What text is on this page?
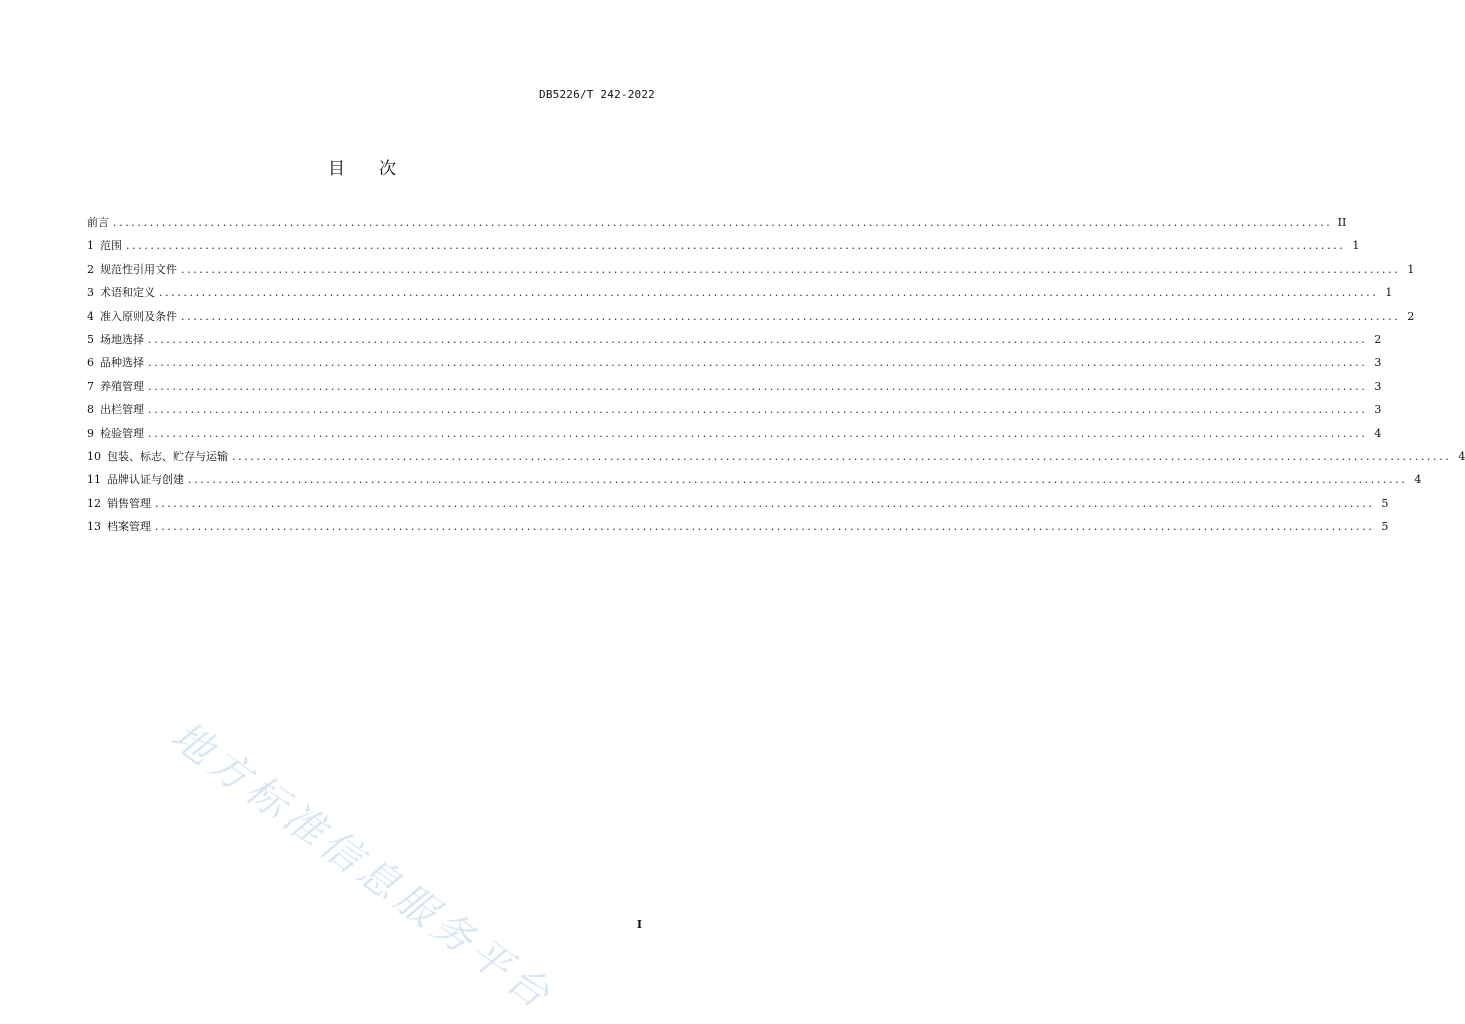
DB5226/T 242-2022
目次
前言 ........................................................................................................................................................................................................ II
1 范围 ........................................................................................................................................................................................................ 1
2 规范性引用文件 ........................................................................................................................................................................................................ 1
3 术语和定义 ........................................................................................................................................................................................................ 1
4 准入原则及条件 ........................................................................................................................................................................................................ 2
5 场地选择 ........................................................................................................................................................................................................ 2
6 品种选择 ........................................................................................................................................................................................................ 3
7 养殖管理 ........................................................................................................................................................................................................ 3
8 出栏管理 ........................................................................................................................................................................................................ 3
9 检验管理 ........................................................................................................................................................................................................ 4
10 包装、标志、贮存与运输 ........................................................................................................................................................................................................ 4
11 品牌认证与创建 ........................................................................................................................................................................................................ 4
12 销售管理 ........................................................................................................................................................................................................ 5
13 档案管理 ........................................................................................................................................................................................................ 5
地方标准信息服务平台	I
